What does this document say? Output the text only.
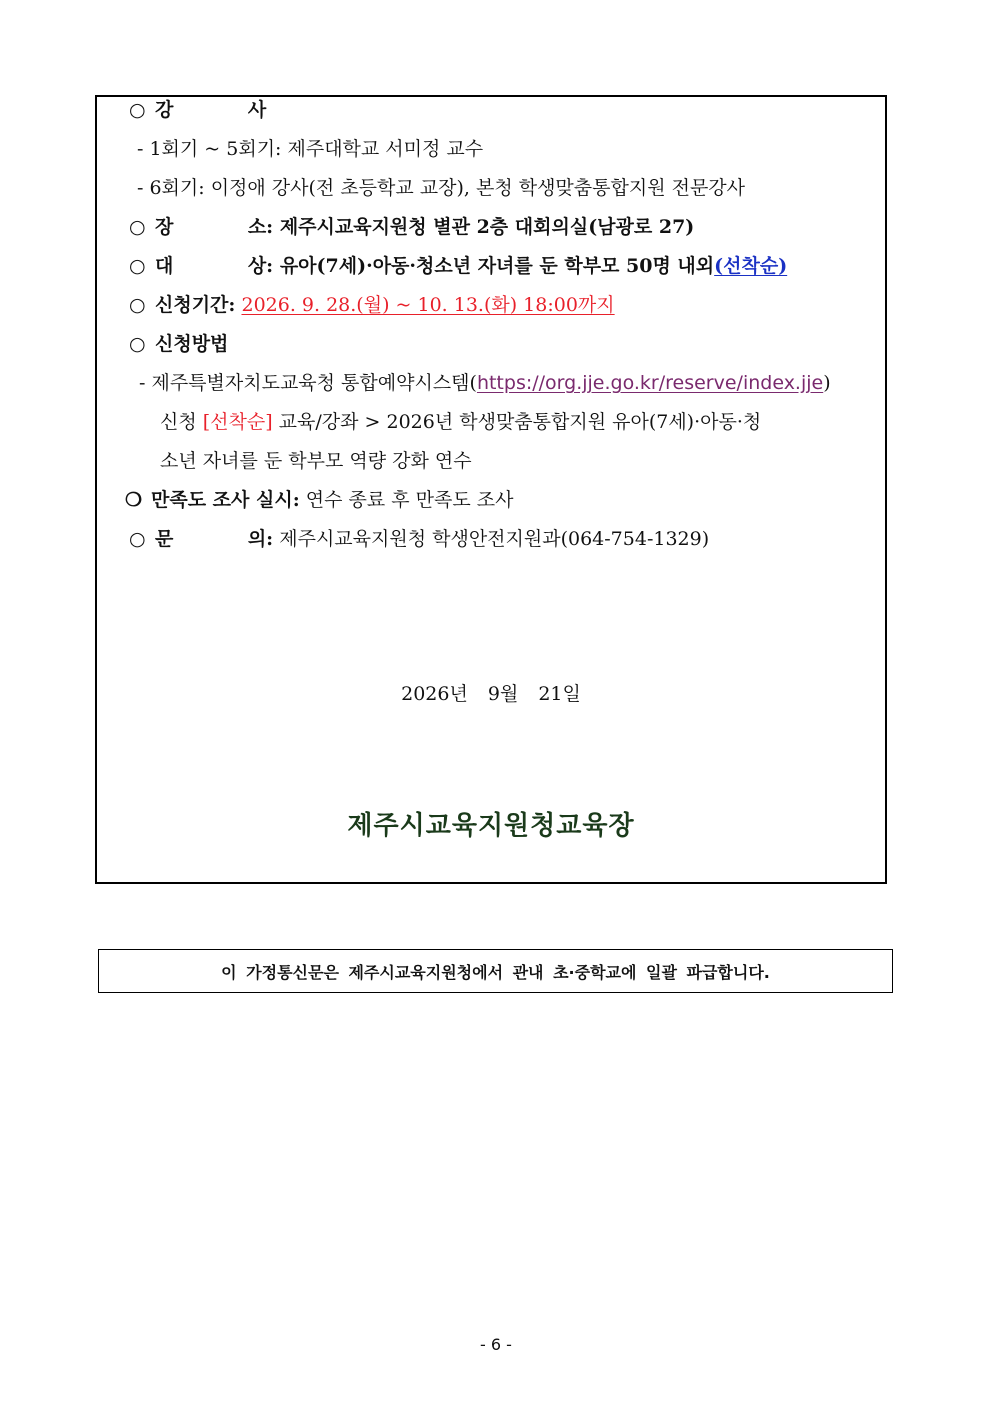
○ 강    사
- 1회기 ~ 5회기: 제주대학교 서미정 교수
- 6회기: 이정애 강사(전 초등학교 교장), 본청 학생맞춤통합지원 전문강사
○ 장    소: 제주시교육지원청 별관 2층 대회의실(남광로 27)
○ 대    상: 유아(7세)·아동·청소년 자녀를 둔 학부모 50명 내외(선착순)
○ 신청기간: 2026. 9. 28.(월) ~ 10. 13.(화) 18:00까지
○ 신청방법
- 제주특별자치도교육청 통합예약시스템(https://org.jje.go.kr/reserve/index.jje)
신청 [선착순] 교육/강좌 > 2026년 학생맞춤통합지원 유아(7세)·아동·청
소년 자녀를 둔 학부모 역량 강화 연수
❍ 만족도 조사 실시: 연수 종료 후 만족도 조사
○ 문    의: 제주시교육지원청 학생안전지원과(064-754-1329)
2026년 9월 21일
제주시교육지원청교육장
이 가정통신문은 제주시교육지원청에서 관내 초·중학교에 일괄 파급합니다.
- 6 -
